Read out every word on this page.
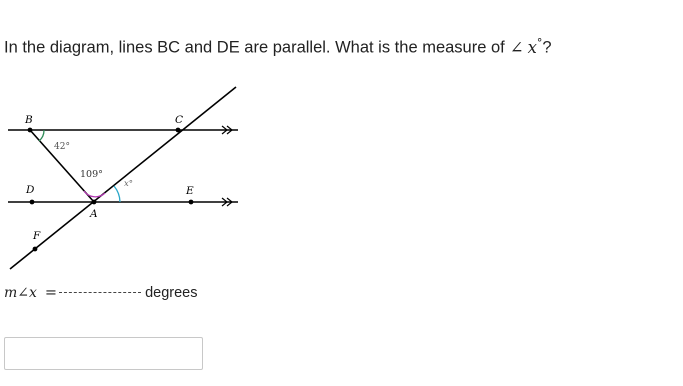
In the diagram, lines BC and DE are parallel. What is the measure of ∠ x°?
B	C
D	E
A
F
42°
109°
x°
m∠x =	degrees
